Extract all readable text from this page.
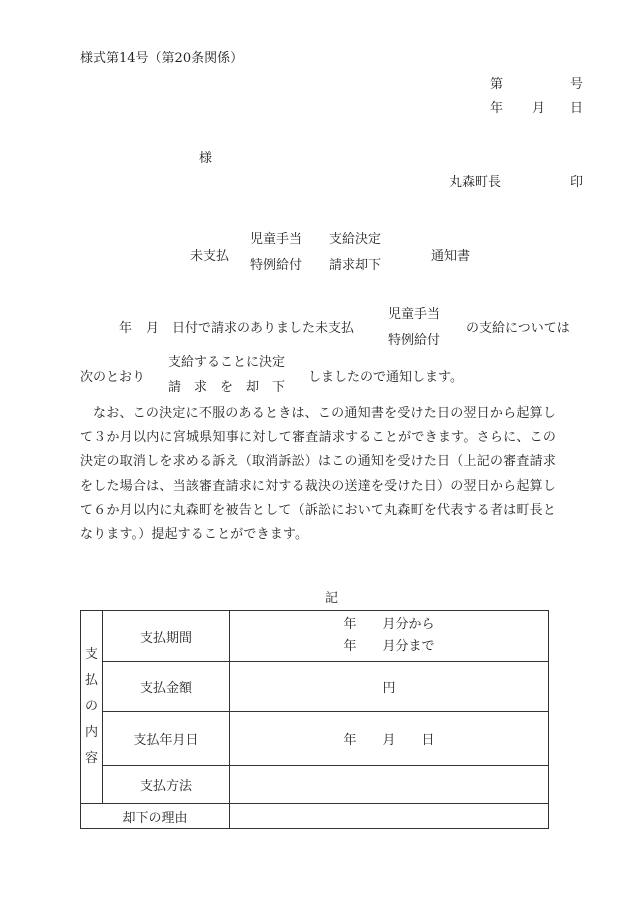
様式第14号（第20条関係）
第	号
年 月 日
様
丸森町長	印
未支払
児童手当
特例給付
支給決定
請求却下
通知書
年 月 日付で請求のありました未支払
児童手当
特例給付
の支給については
次のとおり
支給することに決定
請　求　を　却　下
しましたので通知します。
なお、この決定に不服のあるときは、この通知書を受けた日の翌日から起算して３か月以内に宮城県知事に対して審査請求することができます。さらに、この決定の取消しを求める訴え（取消訴訟）はこの通知を受けた日（上記の審査請求をした場合は、当該審査請求に対する裁決の送達を受けた日）の翌日から起算して６か月以内に丸森町を被告として（訴訟において丸森町を代表する者は町長となります。）提起することができます。
記
支
払
の
内
容	支払期間	年　　月分から
年　　月分まで

	支払金額	円
	支払年月日	年　　月　　日
	支払方法	
却下の理由		
